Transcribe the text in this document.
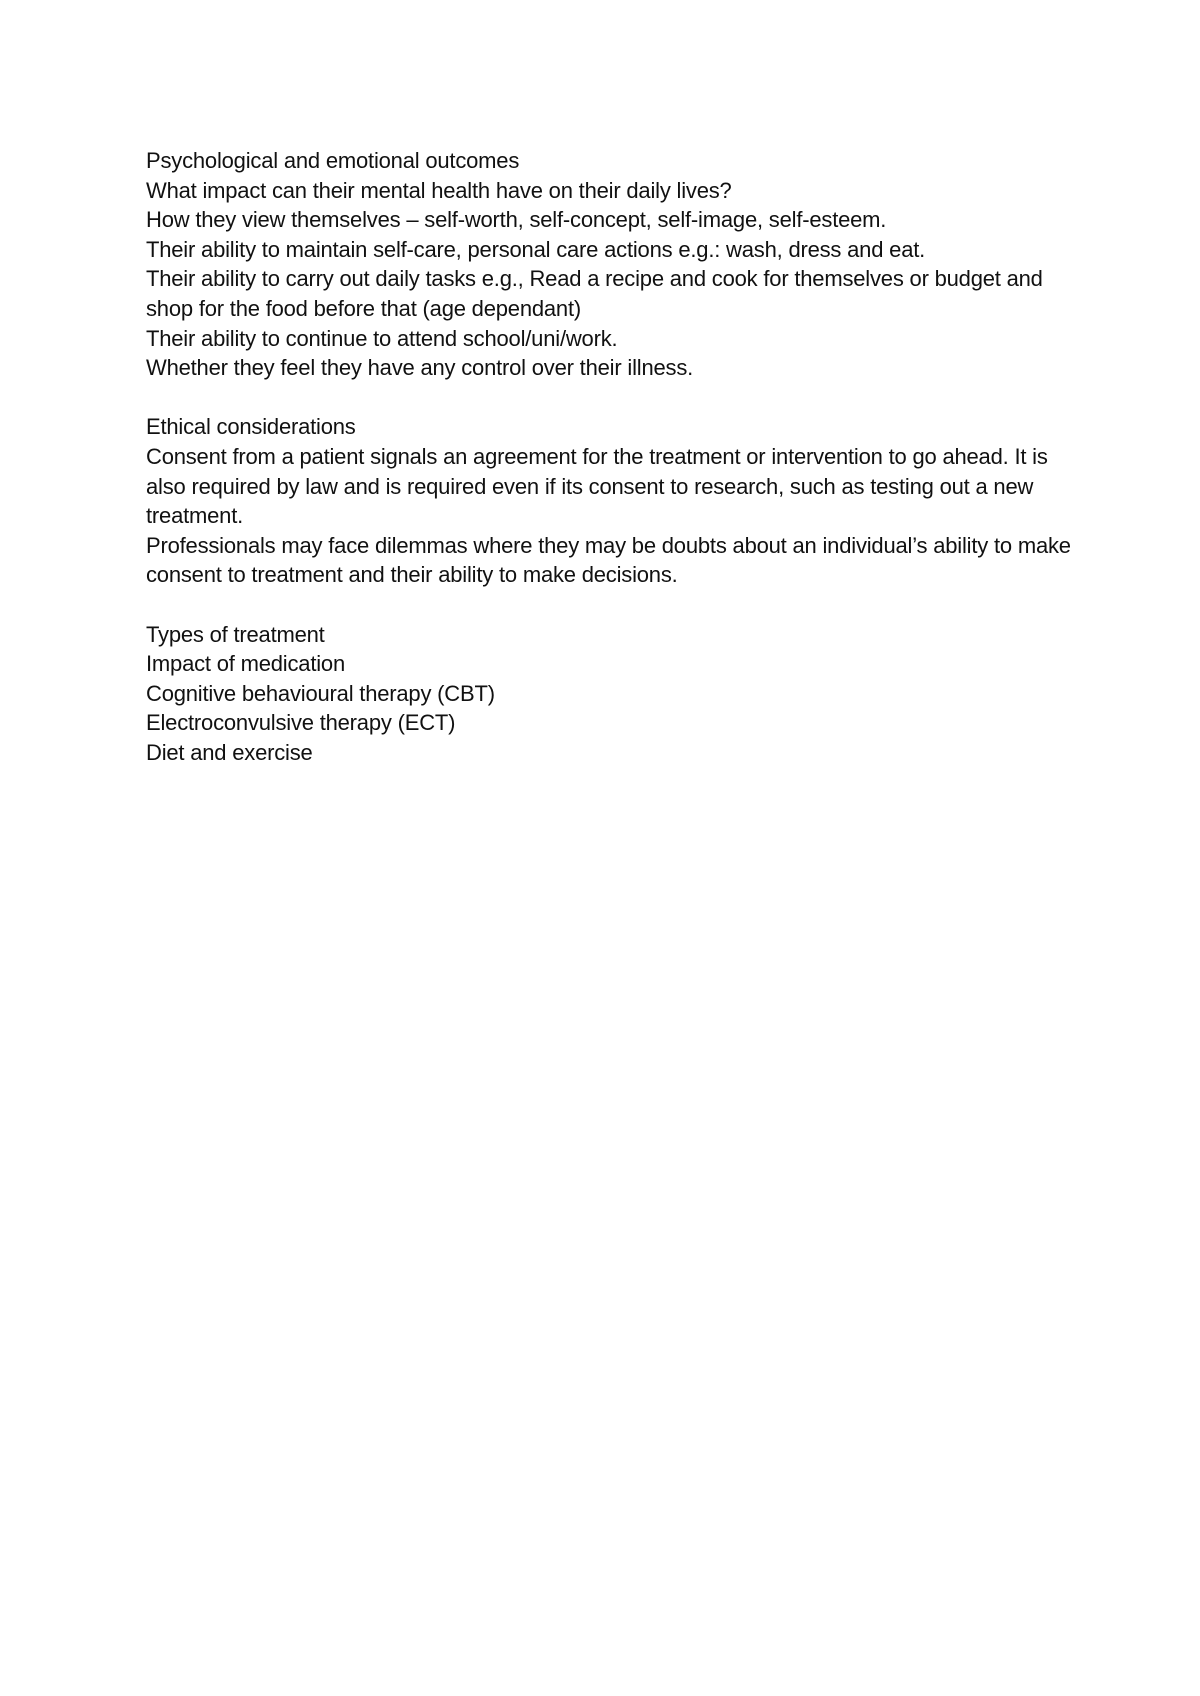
Psychological and emotional outcomes

What impact can their mental health have on their daily lives?

How they view themselves – self-worth, self-concept, self-image, self-esteem.

Their ability to maintain self-care, personal care actions e.g.: wash, dress and eat.

Their ability to carry out daily tasks e.g., Read a recipe and cook for themselves or budget and shop for the food before that (age dependant)

Their ability to continue to attend school/uni/work.

Whether they feel they have any control over their illness.

Ethical considerations

Consent from a patient signals an agreement for the treatment or intervention to go ahead. It is also required by law and is required even if its consent to research, such as testing out a new treatment.

Professionals may face dilemmas where they may be doubts about an individual’s ability to make consent to treatment and their ability to make decisions.

Types of treatment

Impact of medication

Cognitive behavioural therapy (CBT)

Electroconvulsive therapy (ECT)

Diet and exercise
